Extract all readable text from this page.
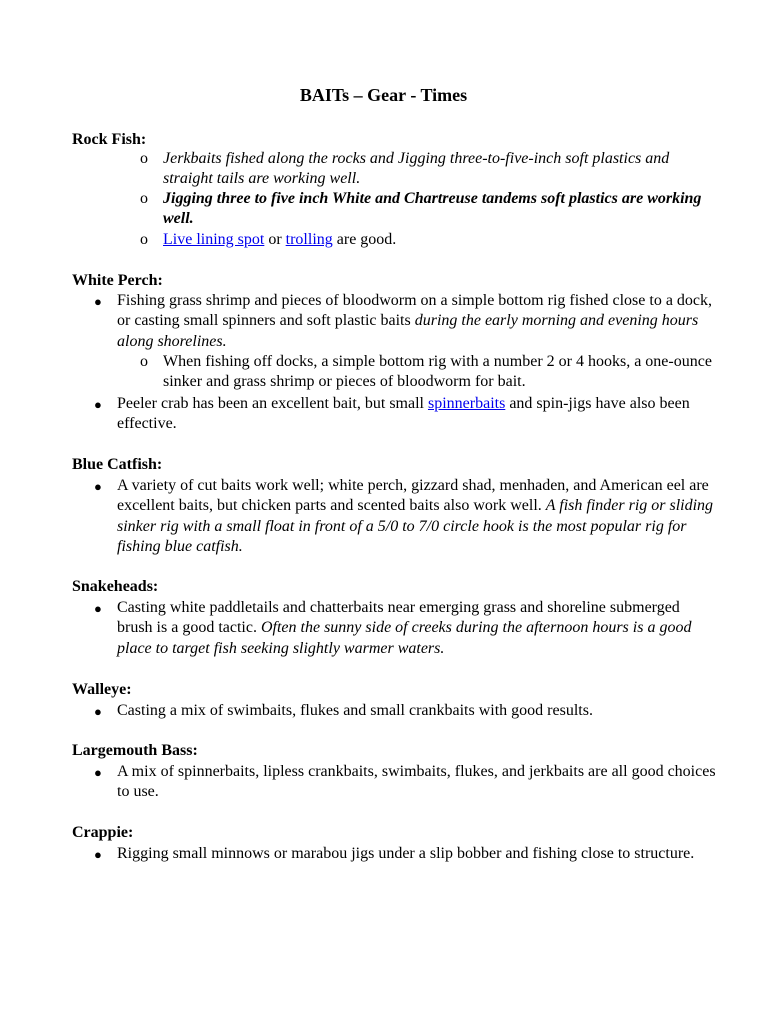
BAITs – Gear - Times
Rock Fish:
o Jerkbaits fished along the rocks and Jigging three-to-five-inch soft plastics and straight tails are working well.
o Jigging three to five inch White and Chartreuse tandems soft plastics are working well.
o Live lining spot or trolling are good.
White Perch:
● Fishing grass shrimp and pieces of bloodworm on a simple bottom rig fished close to a dock, or casting small spinners and soft plastic baits during the early morning and evening hours along shorelines.
o When fishing off docks, a simple bottom rig with a number 2 or 4 hooks, a one-ounce sinker and grass shrimp or pieces of bloodworm for bait.
● Peeler crab has been an excellent bait, but small spinnerbaits and spin-jigs have also been effective.
Blue Catfish:
● A variety of cut baits work well; white perch, gizzard shad, menhaden, and American eel are excellent baits, but chicken parts and scented baits also work well. A fish finder rig or sliding sinker rig with a small float in front of a 5/0 to 7/0 circle hook is the most popular rig for fishing blue catfish.
Snakeheads:
● Casting white paddletails and chatterbaits near emerging grass and shoreline submerged brush is a good tactic. Often the sunny side of creeks during the afternoon hours is a good place to target fish seeking slightly warmer waters.
Walleye:
● Casting a mix of swimbaits, flukes and small crankbaits with good results.
Largemouth Bass:
● A mix of spinnerbaits, lipless crankbaits, swimbaits, flukes, and jerkbaits are all good choices to use.
Crappie:
● Rigging small minnows or marabou jigs under a slip bobber and fishing close to structure.
